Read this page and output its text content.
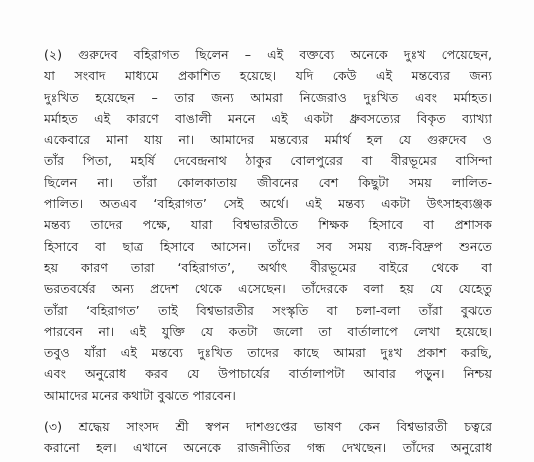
(২) গুরুদেব বহিরাগত ছিলেন – এই বক্তব্যে অনেকে দুঃখ পেয়েছেন,
যা সংবাদ মাধ্যমে প্রকাশিত হয়েছে। যদি কেউ এই মন্তব্যের জন্য
দুঃখিত হয়েছেন – তার জন্য আমরা নিজেরাও দুঃখিত এবং মর্মাহত।
মর্মাহত এই কারণে বাঙালী মননে এই একটা ধ্রুবসত্যের বিকৃত ব্যাখ্যা
একেবারে মানা যায় না। আমাদের মন্তব্যের মর্মার্থ হল যে গুরুদেব ও
তাঁর পিতা, মহর্ষি দেবেন্দ্রনাথ ঠাকুর বোলপুরের বা বীরভূমের বাসিন্দা
ছিলেন না। তাঁরা কোলকাতায় জীবনের বেশ কিছুটা সময় লালিত-
পালিত। অতএব ‘বহিরাগত’ সেই অর্থে। এই মন্তব্য একটা উৎসাহব্যঞ্জক
মন্তব্য তাদের পক্ষে, যারা বিশ্বভারতীতে শিক্ষক হিসাবে বা প্রশাসক
হিসাবে বা ছাত্র হিসাবে আসেন। তাঁদের সব সময় ব্যঙ্গ-বিদ্রুপ শুনতে
হয় কারণ তারা ‘বহিরাগত’, অর্থাৎ বীরভূমের বাইরে থেকে বা
ভরতবর্ষের অন্য প্রদেশ থেকে এসেছেন। তাঁদেরকে বলা হয় যে যেহেতু
তাঁরা ‘বহিরাগত’ তাই বিশ্বভারতীর সংস্কৃতি বা চলা-বলা তাঁরা বুঝতে
পারবেন না। এই যুক্তি যে কতটা জলো তা বার্তালাপে লেখা হয়েছে।
তবুও যাঁরা এই মন্তব্যে দুঃখিত তাদের কাছে আমরা দুঃখ প্রকাশ করছি,
এবং অনুরোধ করব যে উপাচার্যের বার্তালাপটা আবার পড়ুন। নিশ্চয়
আমাদের মনের কথাটা বুঝতে পারবেন।

(৩) শ্রদ্ধেয় সাংসদ শ্রী স্বপন দাশগুপ্তের ভাষণ কেন বিশ্বভারতী চত্বরে
করানো হল। এখানে অনেকে রাজনীতির গন্ধ দেখছেন। তাঁদের অনুরোধ
